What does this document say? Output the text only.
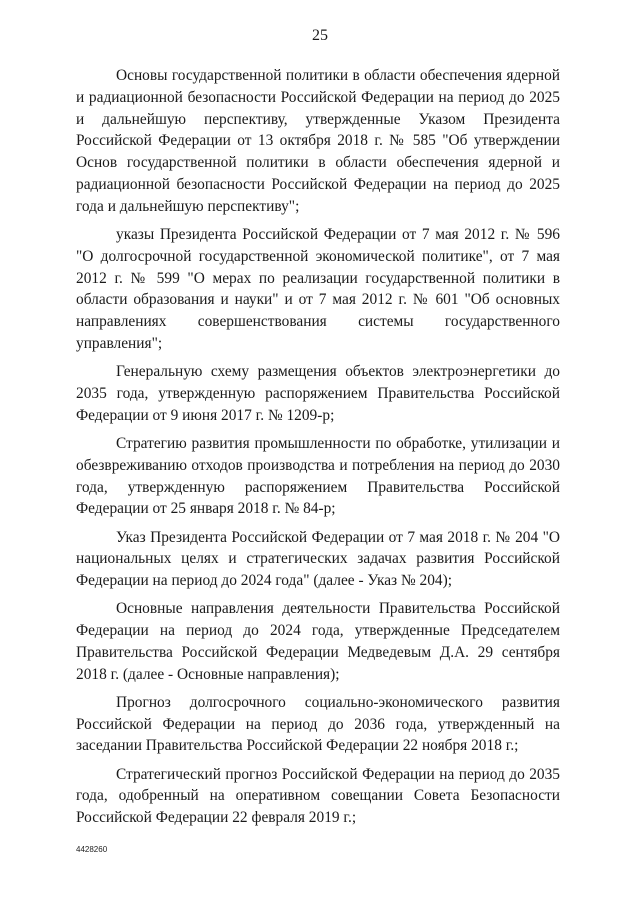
25

Основы государственной политики в области обеспечения ядерной и радиационной безопасности Российской Федерации на период до 2025 и дальнейшую перспективу, утвержденные Указом Президента Российской Федерации от 13 октября 2018 г. № 585 "Об утверждении Основ государственной политики в области обеспечения ядерной и радиационной безопасности Российской Федерации на период до 2025 года и дальнейшую перспективу";

указы Президента Российской Федерации от 7 мая 2012 г. № 596 "О долгосрочной государственной экономической политике", от 7 мая 2012 г. № 599 "О мерах по реализации государственной политики в области образования и науки" и от 7 мая 2012 г. № 601 "Об основных направлениях совершенствования системы государственного управления";

Генеральную схему размещения объектов электроэнергетики до 2035 года, утвержденную распоряжением Правительства Российской Федерации от 9 июня 2017 г. № 1209-р;

Стратегию развития промышленности по обработке, утилизации и обезвреживанию отходов производства и потребления на период до 2030 года, утвержденную распоряжением Правительства Российской Федерации от 25 января 2018 г. № 84-р;

Указ Президента Российской Федерации от 7 мая 2018 г. № 204 "О национальных целях и стратегических задачах развития Российской Федерации на период до 2024 года" (далее - Указ № 204);

Основные направления деятельности Правительства Российской Федерации на период до 2024 года, утвержденные Председателем Правительства Российской Федерации Медведевым Д.А. 29 сентября 2018 г. (далее - Основные направления);

Прогноз долгосрочного социально-экономического развития Российской Федерации на период до 2036 года, утвержденный на заседании Правительства Российской Федерации 22 ноября 2018 г.;

Стратегический прогноз Российской Федерации на период до 2035 года, одобренный на оперативном совещании Совета Безопасности Российской Федерации 22 февраля 2019 г.;

4428260
